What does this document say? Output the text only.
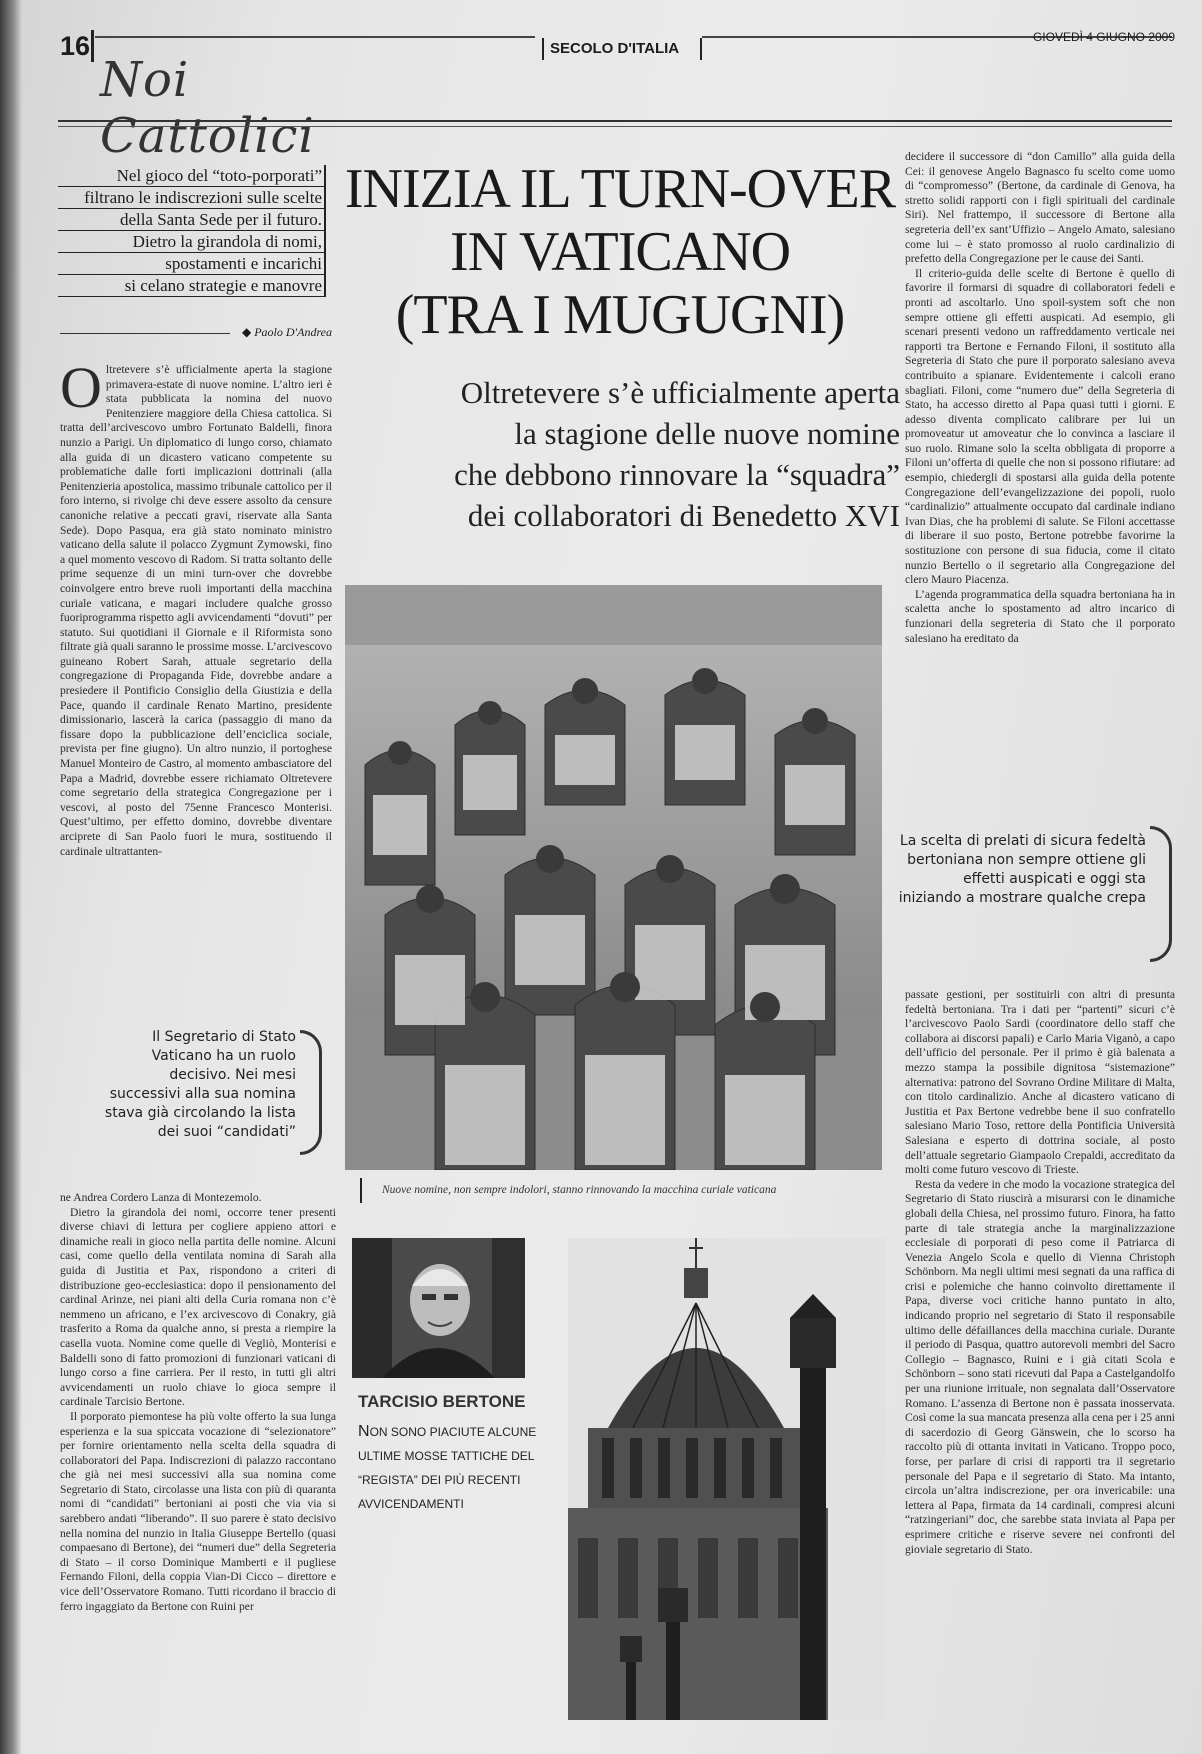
16	SECOLO D'ITALIA
GIOVEDÌ 4 GIUGNO 2009
Noi Cattolici
Nel gioco del “toto-porporati”
filtrano le indiscrezioni sulle scelte
della Santa Sede per il futuro.
Dietro la girandola di nomi,
spostamenti e incarichi
si celano strategie e manovre
◆ Paolo D'Andrea
INIZIA IL TURN-OVER
IN VATICANO
(TRA I MUGUGNI)
Oltretevere s’è ufficialmente aperta
la stagione delle nuove nomine
che debbono rinnovare la “squadra”
dei collaboratori di Benedetto XVI
O ltretevere s’è ufficialmente aperta la stagione primavera-estate di nuove nomine. L’altro ieri è stata pubblicata la nomina del nuovo Penitenziere maggiore della Chiesa cattolica. Si tratta dell’arcivescovo umbro Fortunato Baldelli, finora nunzio a Parigi. Un diplomatico di lungo corso, chiamato alla guida di un dicastero vaticano competente su problematiche dalle forti implicazioni dottrinali (alla Penitenzieria apostolica, massimo tribunale cattolico per il foro interno, si rivolge chi deve essere assolto da censure canoniche relative a peccati gravi, riservate alla Santa Sede). Dopo Pasqua, era già stato nominato ministro vaticano della salute il polacco Zygmunt Zymowski, fino a quel momento vescovo di Radom. Si tratta soltanto delle prime sequenze di un mini turn-over che dovrebbe coinvolgere entro breve ruoli importanti della macchina curiale vaticana, e magari includere qualche grosso fuoriprogramma rispetto agli avvicendamenti “dovuti” per statuto. Sui quotidiani il Giornale e il Riformista sono filtrate già quali saranno le prossime mosse. L’arcivescovo guineano Robert Sarah, attuale segretario della congregazione di Propaganda Fide, dovrebbe andare a presiedere il Pontificio Consiglio della Giustizia e della Pace, quando il cardinale Renato Martino, presidente dimissionario, lascerà la carica (passaggio di mano da fissare dopo la pubblicazione dell’enciclica sociale, prevista per fine giugno). Un altro nunzio, il portoghese Manuel Monteiro de Castro, al momento ambasciatore del Papa a Madrid, dovrebbe essere richiamato Oltretevere come segretario della strategica Congregazione per i vescovi, al posto del 75enne Francesco Monterisi. Quest’ultimo, per effetto domino, dovrebbe diventare arciprete di San Paolo fuori le mura, sostituendo il cardinale ultrattanten-
Il Segretario di Stato Vaticano ha un ruolo decisivo. Nei mesi successivi alla sua nomina stava già circolando la lista dei suoi “candidati”

ne Andrea Cordero Lanza di Montezemolo.

Dietro la girandola dei nomi, occorre tener presenti diverse chiavi di lettura per cogliere appieno attori e dinamiche reali in gioco nella partita delle nomine. Alcuni casi, come quello della ventilata nomina di Sarah alla guida di Justitia et Pax, rispondono a criteri di distribuzione geo-ecclesiastica: dopo il pensionamento del cardinal Arinze, nei piani alti della Curia romana non c’è nemmeno un africano, e l’ex arcivescovo di Conakry, già trasferito a Roma da qualche anno, si presta a riempire la casella vuota. Nomine come quelle di Vegliò, Monterisi e Baldelli sono di fatto promozioni di funzionari vaticani di lungo corso a fine carriera. Per il resto, in tutti gli altri avvicendamenti un ruolo chiave lo gioca sempre il cardinale Tarcisio Bertone.

Il porporato piemontese ha più volte offerto la sua lunga esperienza e la sua spiccata vocazione di “selezionatore” per fornire orientamento nella scelta della squadra di collaboratori del Papa. Indiscrezioni di palazzo raccontano che già nei mesi successivi alla sua nomina come Segretario di Stato, circolasse una lista con più di quaranta nomi di “candidati” bertoniani ai posti che via via si sarebbero andati “liberando”. Il suo parere è stato decisivo nella nomina del nunzio in Italia Giuseppe Bertello (quasi compaesano di Bertone), dei “numeri due” della Segreteria di Stato – il corso Dominique Mamberti e il pugliese Fernando Filoni, della coppia Vian-Di Cicco – direttore e vice dell’Osservatore Romano. Tutti ricordano il braccio di ferro ingaggiato da Bertone con Ruini per

Nuove nomine, non sempre indolori, stanno rinnovando la macchina curiale vaticana

decidere il successore di “don Camillo” alla guida della Cei: il genovese Angelo Bagnasco fu scelto come uomo di “compromesso” (Bertone, da cardinale di Genova, ha stretto solidi rapporti con i figli spirituali del cardinale Siri). Nel frattempo, il successore di Bertone alla segreteria dell’ex sant’Uffizio – Angelo Amato, salesiano come lui – è stato promosso al ruolo cardinalizio di prefetto della Congregazione per le cause dei Santi.

Il criterio-guida delle scelte di Bertone è quello di favorire il formarsi di squadre di collaboratori fedeli e pronti ad ascoltarlo. Uno spoil-system soft che non sempre ottiene gli effetti auspicati. Ad esempio, gli scenari presenti vedono un raffreddamento verticale nei rapporti tra Bertone e Fernando Filoni, il sostituto alla Segreteria di Stato che pure il porporato salesiano aveva contribuito a spianare. Evidentemente i calcoli erano sbagliati. Filoni, come “numero due” della Segreteria di Stato, ha accesso diretto al Papa quasi tutti i giorni. E adesso diventa complicato calibrare per lui un promoveatur ut amoveatur che lo convinca a lasciare il suo ruolo. Rimane solo la scelta obbligata di proporre a Filoni un’offerta di quelle che non si possono rifiutare: ad esempio, chiedergli di spostarsi alla guida della potente Congregazione dell’evangelizzazione dei popoli, ruolo “cardinalizio” attualmente occupato dal cardinale indiano Ivan Dias, che ha problemi di salute. Se Filoni accettasse di liberare il suo posto, Bertone potrebbe favorirne la sostituzione con persone di sua fiducia, come il citato nunzio Bertello o il segretario alla Congregazione del clero Mauro Piacenza.

L’agenda programmatica della squadra bertoniana ha in scaletta anche lo spostamento ad altro incarico di funzionari della segreteria di Stato che il porporato salesiano ha ereditato da

La scelta di prelati di sicura fedeltà bertoniana non sempre ottiene gli effetti auspicati e oggi sta iniziando a mostrare qualche crepa

passate gestioni, per sostituirli con altri di presunta fedeltà bertoniana. Tra i dati per “partenti” sicuri c’è l’arcivescovo Paolo Sardi (coordinatore dello staff che collabora ai discorsi papali) e Carlo Maria Viganò, a capo dell’ufficio del personale. Per il primo è già balenata a mezzo stampa la possibile dignitosa “sistemazione” alternativa: patrono del Sovrano Ordine Militare di Malta, con titolo cardinalizio. Anche al dicastero vaticano di Justitia et Pax Bertone vedrebbe bene il suo confratello salesiano Mario Toso, rettore della Pontificia Università Salesiana e esperto di dottrina sociale, al posto dell’attuale segretario Giampaolo Crepaldi, accreditato da molti come futuro vescovo di Trieste.

Resta da vedere in che modo la vocazione strategica del Segretario di Stato riuscirà a misurarsi con le dinamiche globali della Chiesa, nel prossimo futuro. Finora, ha fatto parte di tale strategia anche la marginalizzazione ecclesiale di porporati di peso come il Patriarca di Venezia Angelo Scola e quello di Vienna Christoph Schönborn. Ma negli ultimi mesi segnati da una raffica di crisi e polemiche che hanno coinvolto direttamente il Papa, diverse voci critiche hanno puntato in alto, indicando proprio nel segretario di Stato il responsabile ultimo delle défaillances della macchina curiale. Durante il periodo di Pasqua, quattro autorevoli membri del Sacro Collegio – Bagnasco, Ruini e i già citati Scola e Schönborn – sono stati ricevuti dal Papa a Castelgandolfo per una riunione irrituale, non segnalata dall’Osservatore Romano. L’assenza di Bertone non è passata inosservata. Così come la sua mancata presenza alla cena per i 25 anni di sacerdozio di Georg Gänswein, che lo scorso ha raccolto più di ottanta invitati in Vaticano. Troppo poco, forse, per parlare di crisi di rapporti tra il segretario personale del Papa e il segretario di Stato. Ma intanto, circola un’altra indiscrezione, per ora invericabile: una lettera al Papa, firmata da 14 cardinali, compresi alcuni “ratzingeriani” doc, che sarebbe stata inviata al Papa per esprimere critiche e riserve severe nei confronti del gioviale segretario di Stato.

TARCISIO BERTONE
NON SONO PIACIUTE ALCUNE ULTIME MOSSE TATTICHE DEL “REGISTA” DEI PIÙ RECENTI AVVICENDAMENTI
